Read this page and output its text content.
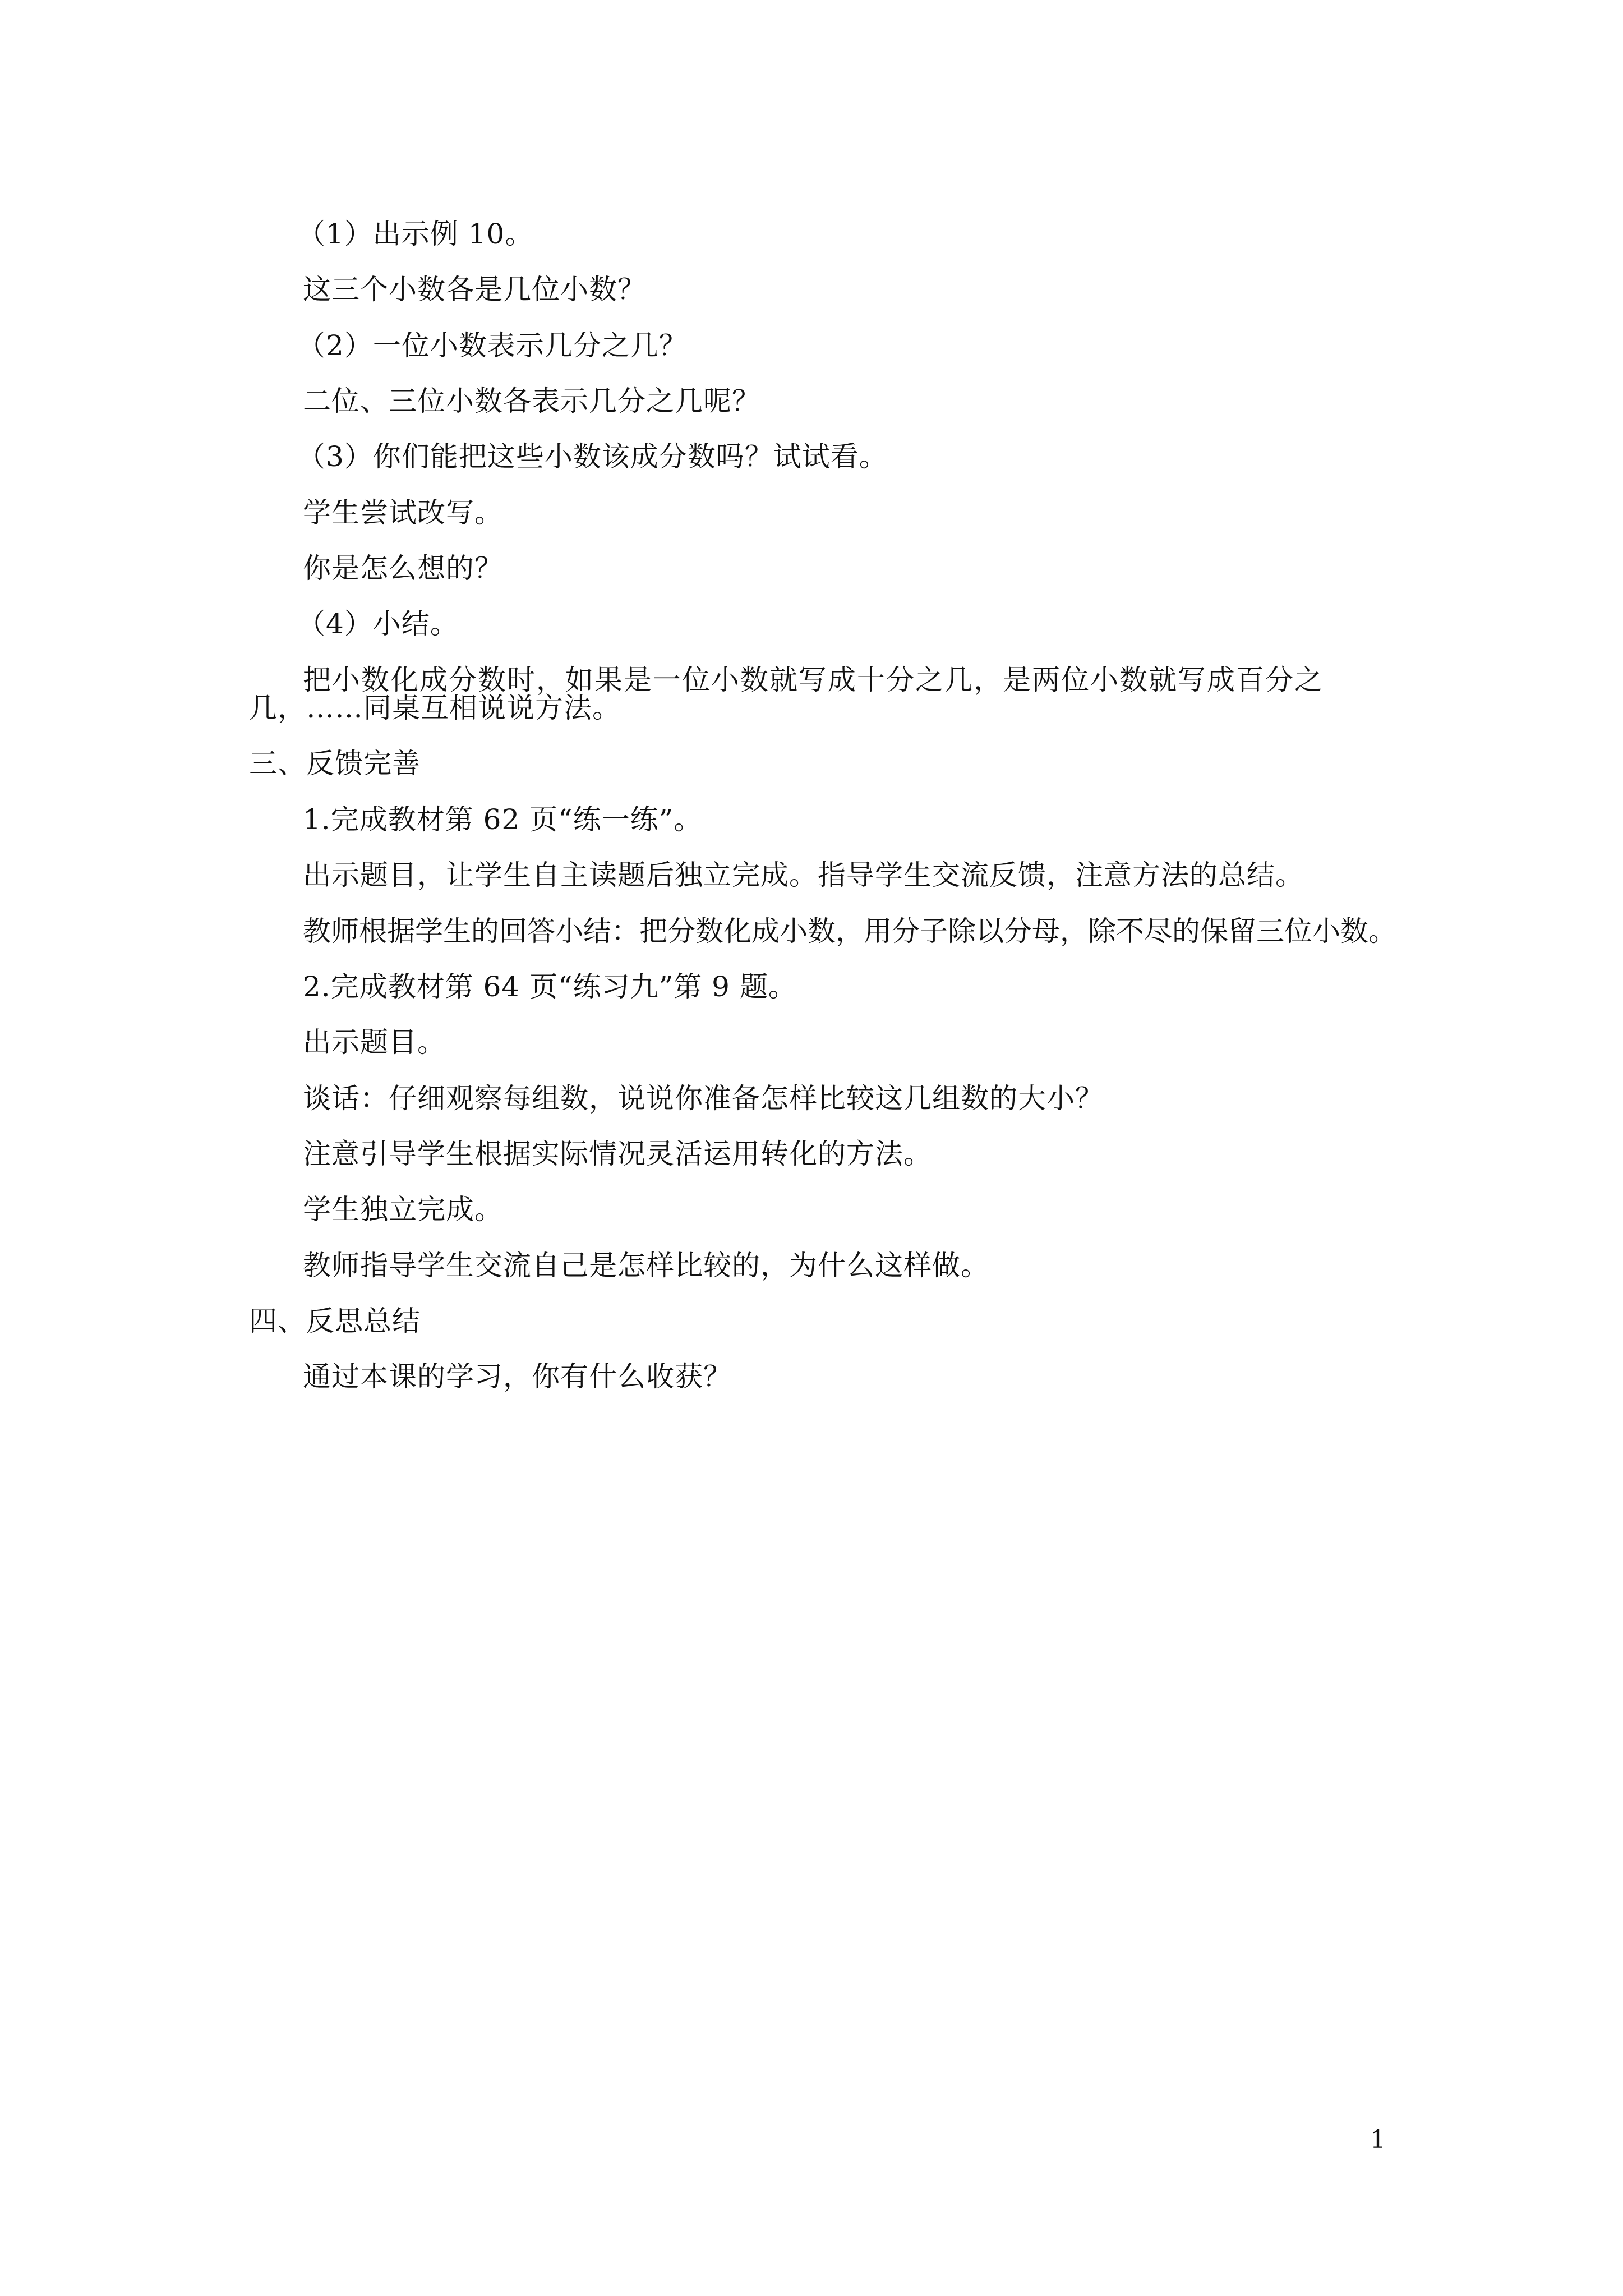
（1）出示例 10。
这三个小数各是几位小数？
（2）一位小数表示几分之几？
二位、三位小数各表示几分之几呢？
（3）你们能把这些小数该成分数吗？试试看。
学生尝试改写。
你是怎么想的？
（4）小结。
把小数化成分数时，如果是一位小数就写成十分之几，是两位小数就写成百分之
几，……同桌互相说说方法。
三、反馈完善
1.完成教材第 62 页“练一练”。
出示题目，让学生自主读题后独立完成。指导学生交流反馈，注意方法的总结。
教师根据学生的回答小结：把分数化成小数，用分子除以分母，除不尽的保留三位小数。
2.完成教材第 64 页“练习九”第 9 题。
出示题目。
谈话：仔细观察每组数，说说你准备怎样比较这几组数的大小？
注意引导学生根据实际情况灵活运用转化的方法。
学生独立完成。
教师指导学生交流自己是怎样比较的，为什么这样做。
四、反思总结
通过本课的学习，你有什么收获？
1
